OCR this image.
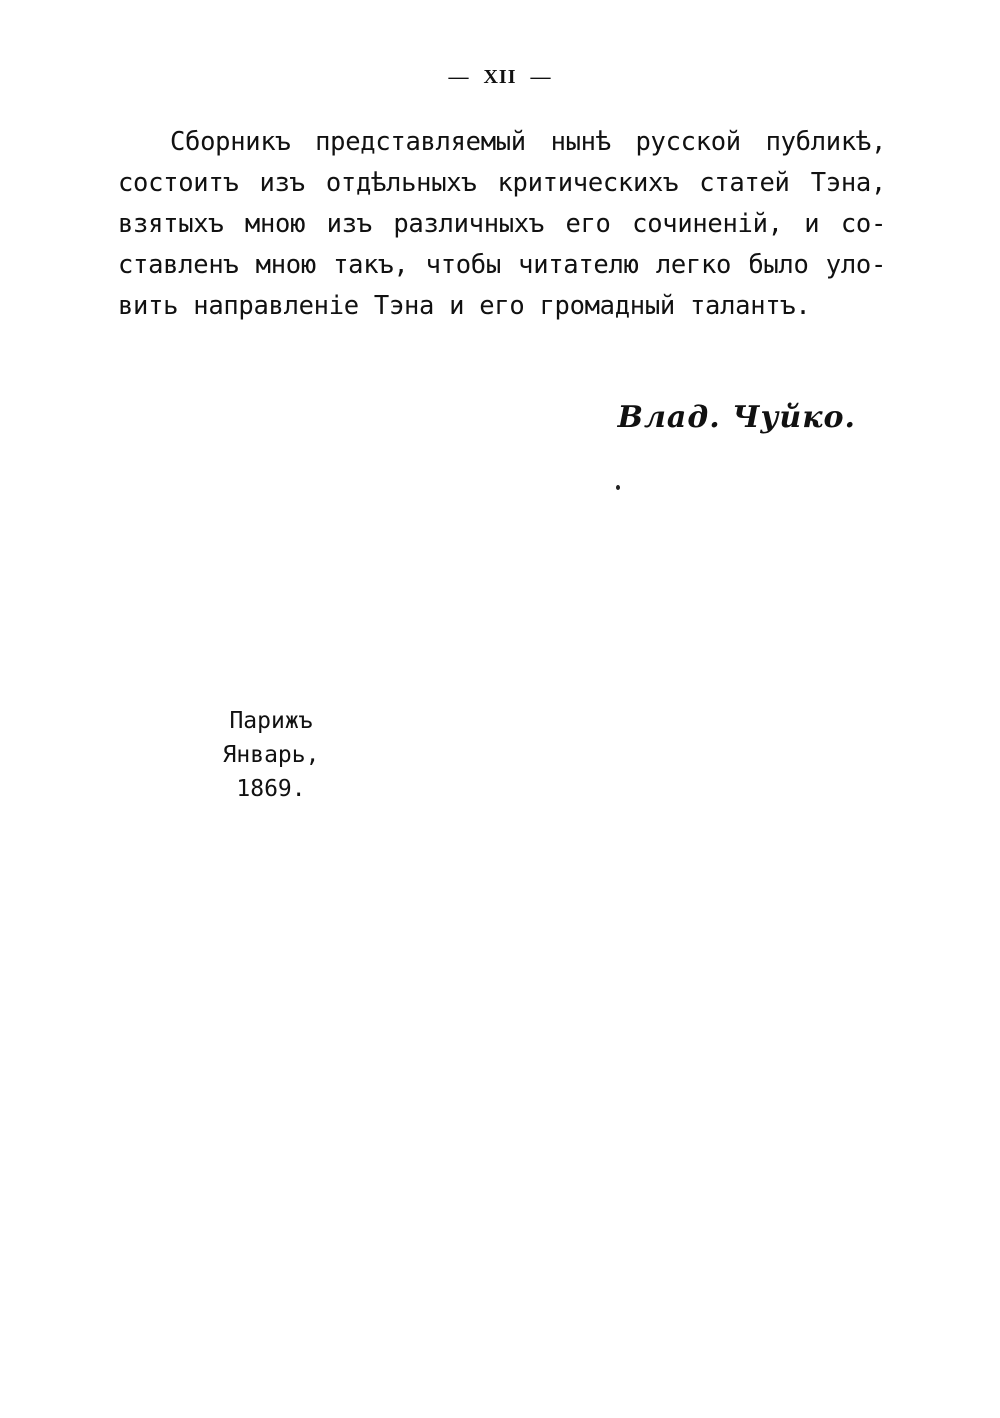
— XII —
Сборникъ представляемый нынѣ русской публикѣ,
состоитъ изъ отдѣльныхъ критическихъ статей Тэна,
взятыхъ мною изъ различныхъ его сочиненій, и со-
ставленъ мною такъ, чтобы читателю легко было уло-
вить направленіе Тэна и его громадный талантъ.
Влад. Чуйко.
Парижъ
Январь, 1869.
